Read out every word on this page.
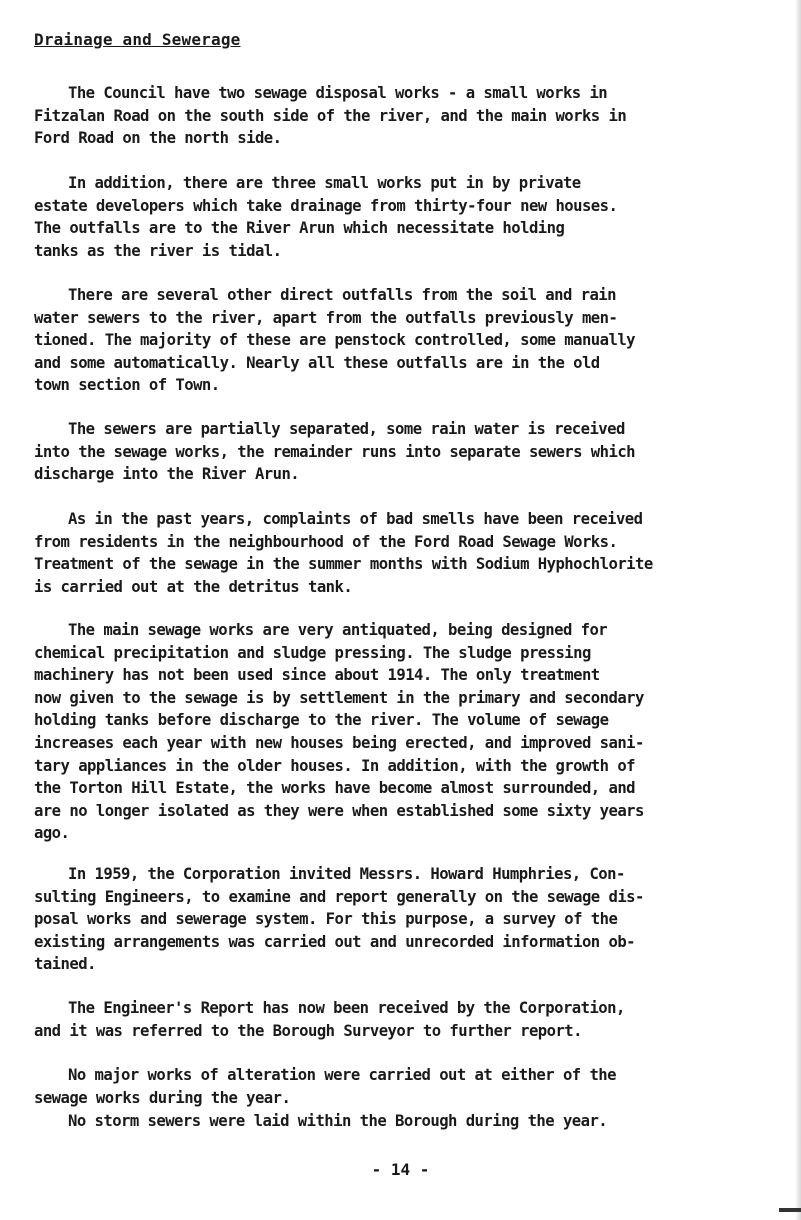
Drainage and Sewerage
The Council have two sewage disposal works - a small works in
Fitzalan Road on the south side of the river, and the main works in
Ford Road on the north side.
In addition, there are three small works put in by private
estate developers which take drainage from thirty-four new houses.
The outfalls are to the River Arun which necessitate holding
tanks as the river is tidal.
There are several other direct outfalls from the soil and rain
water sewers to the river, apart from the outfalls previously men-
tioned. The majority of these are penstock controlled, some manually
and some automatically. Nearly all these outfalls are in the old
town section of Town.
The sewers are partially separated, some rain water is received
into the sewage works, the remainder runs into separate sewers which
discharge into the River Arun.
As in the past years, complaints of bad smells have been received
from residents in the neighbourhood of the Ford Road Sewage Works.
Treatment of the sewage in the summer months with Sodium Hyphochlorite
is carried out at the detritus tank.
The main sewage works are very antiquated, being designed for
chemical precipitation and sludge pressing. The sludge pressing
machinery has not been used since about 1914. The only treatment
now given to the sewage is by settlement in the primary and secondary
holding tanks before discharge to the river. The volume of sewage
increases each year with new houses being erected, and improved sani-
tary appliances in the older houses. In addition, with the growth of
the Torton Hill Estate, the works have become almost surrounded, and
are no longer isolated as they were when established some sixty years
ago.
In 1959, the Corporation invited Messrs. Howard Humphries, Con-
sulting Engineers, to examine and report generally on the sewage dis-
posal works and sewerage system. For this purpose, a survey of the
existing arrangements was carried out and unrecorded information ob-
tained.
The Engineer's Report has now been received by the Corporation,
and it was referred to the Borough Surveyor to further report.
No major works of alteration were carried out at either of the
sewage works during the year.
No storm sewers were laid within the Borough during the year.
- 14 -
